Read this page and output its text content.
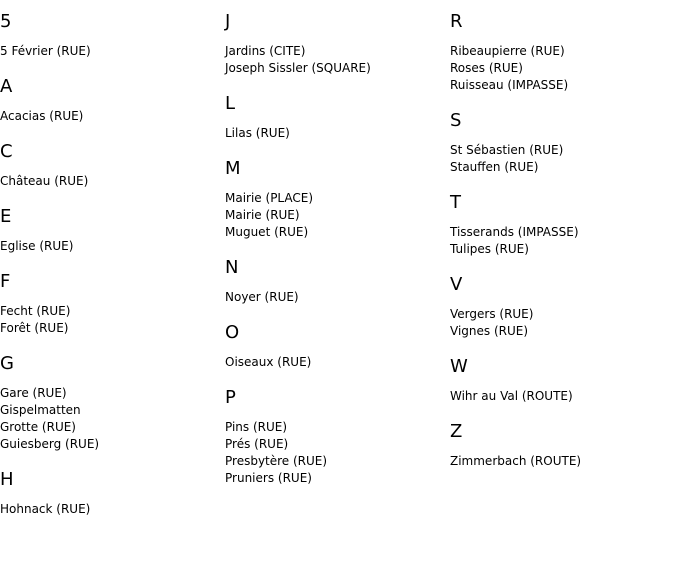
5
5 Février (RUE)
A
Acacias (RUE)
C
Château (RUE)
E
Eglise (RUE)
F
Fecht (RUE)
Forêt (RUE)
G
Gare (RUE)
Gispelmatten
Grotte (RUE)
Guiesberg (RUE)
H
Hohnack (RUE)
J
Jardins (CITE)
Joseph Sissler (SQUARE)
L
Lilas (RUE)
M
Mairie (PLACE)
Mairie (RUE)
Muguet (RUE)
N
Noyer (RUE)
O
Oiseaux (RUE)
P
Pins (RUE)
Prés (RUE)
Presbytère (RUE)
Pruniers (RUE)
R
Ribeaupierre (RUE)
Roses (RUE)
Ruisseau (IMPASSE)
S
St Sébastien (RUE)
Stauffen (RUE)
T
Tisserands (IMPASSE)
Tulipes (RUE)
V
Vergers (RUE)
Vignes (RUE)
W
Wihr au Val (ROUTE)
Z
Zimmerbach (ROUTE)
